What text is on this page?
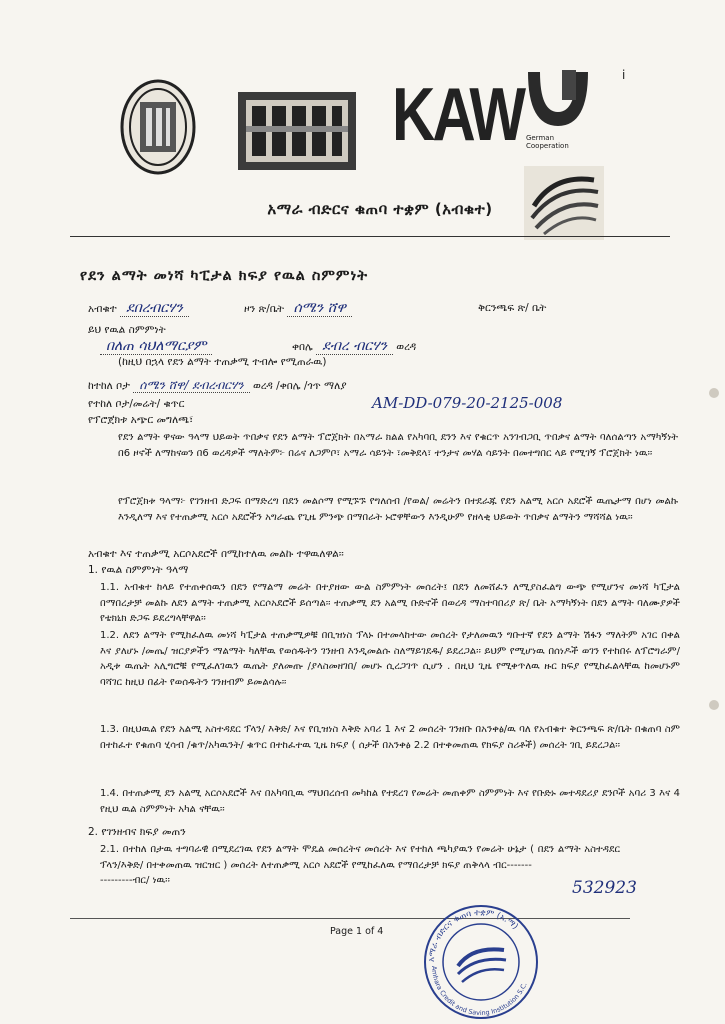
i
KAW German Cooperation
አማራ ብድርና ቁጠባ ተቋም (አብቁተ)
የደን ልማት መነሻ ካፒታል ክፍያ የዉል ስምምነት
አብቁተ ደበረብርሃን	ዞን ጽ/ቤት ሰሜን ሸዋ	ቅርንጫፍ ጽ/ ቤት
ይህ የዉል ስምምነት
በለጠ ሳህለማርያም	ቀበሌ ደብረ ብርሃን ወረዳ
(ከዚህ በኋላ የደን ልማት ተጠቃሚ ተብሎ የሚጠራዉ)
ከተከለ ቦታ ሰሜን ሸዋ/ ደብረብርሃን ወረዳ /ቀበሌ /ጎጥ ማለያ
የተከለ ቦታ/መሬት/ ቁጥር	AM-DD-079-20-2125-008
የፕሮጀክቱ አጭር መግለጫ፣

የደን ልማት ዋናው ዓላማ ህይወት ጥበቃና የደን ልማት ፕሮጀክት በአማራ ክልል የአካባቢ ደንን እና የቁርጥ አንገብጋቢ ጥበቃና ልማት ባለሰልጣን አማካኝነት በ6 ዞኖች ለማከናወን በ6 ወረዳዎች ማለትም፦ በሬና ለጋምቦ፣ አማራ ሳይንት ፣መቅደላ፣ ተንታና መሃል ሳይንት በመተግበር ላይ የሚገኝ ፕሮጀክት ነዉ፡፡

የፕሮጀክቱ ዓላማ፦ የገንዘብ ድጋፍ በማድረግ በደን መልሶማ የሚኙኙ የግለሰብ /የወል/ መሬትን በተደራጁ የደን አልሚ አርሶ አደሮች ዉጤታማ በሆነ መልኩ እንዲለማ እና የተጠቃሚ አርሶ አደሮችን አግራጨ የጊዜ ምንጭ በማበራት ኑሮዋቸውን እንዲሁም የዘላቂ ህይወት ጥበቃና ልማትን ማሻሻል ነዉ፡፡

አብቁተ እና ተጠቃሚ አርሶአደሮች በሚከተለዉ መልኩ ተዋዉለዋል፡፡
1. የዉል ስምምነት ዓላማ

1.1. አብቁተ ከላይ የተጠቀሰዉን በደን የማልማ መሬት በተያዘው ውል ስምምነት መሰረት፤ በደን ለመሸፈን ለሚያስፈልግ ውጭ የሚሆንና መነሻ ካፒታል በማበረታቻ መልኩ ለደን ልማት ተጠቃሚ አርሶአደሮች ይሰጣል፡፡ ተጠቃሚ ደን አልሚ ቡድኖች በወረዳ ማስተባበሪያ ጽ/ ቤት አማካኝነት በደን ልማት ባለሙያዎች የቴክኒክ ድጋፍ ይደረግላቸዋል፡፡

1.2. ለደን ልማት የሚከፈለዉ መነሻ ካፒታል ተጠቃሚዎቹ በቢዝነስ ፕላኑ በተመላከተው መሰረት የታለመዉን ግቡተኛ የደን ልማት ሽፋን ማለትም አገር በቀል እና ያለሆኑ /መጤ/ ዝርያዎችን ማልማት ካለቸዉ የወሰዱትን ገንዘብ እንዲመልሱ ስለማይገደዱ/ ይደረጋል፡፡ ይህም የሚሆነዉ በሰነዶች ወገን የተከበሩ ለፕሮግራም/ አዲቱ ዉጤት አሊግሮቹ የሚፈለገዉን ዉጤት ያለመጡ /ያላስመዘገበ/ መሆኑ ሲረጋገጥ ሲሆን . በዚህ ጊዜ የሚቀጥለዉ ዙር ክፍያ የሚከፈልላቸዉ ከመሆኑም ባሻገር ከዚህ በፊት የወሰዱትን ገንዘብም ይመልሳሉ፡፡

1.3. በዚህዉል የደን አልሚ አስተዳደር ፕላን/ እቅድ/ እና የቢዝነስ እቅድ አባሪ 1 እና 2 መሰረት ገንዘቡ በአንቀፅ/ዉ ባለ የአብቁተ ቅርንጫፍ ጽ/ቤት በቁጠባ ስም በተከፈተ የቁጠባ ሂሳብ /ቁጥ/አካዉንት/ ቁጥር በተከፈተዉ ጊዜ ክፍያ ( ሰታች በአንቀፅ 2.2 በተቀመጠዉ የክፍያ ስሪቶች) መሰረት ገቢ ይደረጋል፡፡

1.4. በተጠቃሚ ደን አልሚ አርሶአደሮች እና በአካባቢዉ ማህበረሰብ መካከል የተደረገ የመሬት መጠቀም ስምምነት እና የቡድኑ መተዳደሪያ ደንቦች አባሪ 3 እና 4 የዚህ ዉል ስምምነት አካል ናቸዉ፡፡

2. የገንዘብና ክፍያ መጠን

2.1. በተከለ በታዉ ተግባራዊ በሚደረገዉ የደን ልማት ሞዴል መሰረትና መሰረት እና የተከለ ጫካያዉን የመሬት ሁኔታ ( በደን ልማት አስተዳደር ፕላን/እቅድ/ በተቀመጠዉ ዝርዝር ) መሰረት ለተጠቃሚ አርሶ አደሮች የሚከፈለዉ የማበረታቻ ክፍያ ጠቅላላ ብር-------

---------ብር/ ነዉ፡፡	532923
Page 1 of 4
አማራ ብድርና ቁጠባ ተቋም (አ.ማ)
Amhara Credit and Saving Institution S.C.
